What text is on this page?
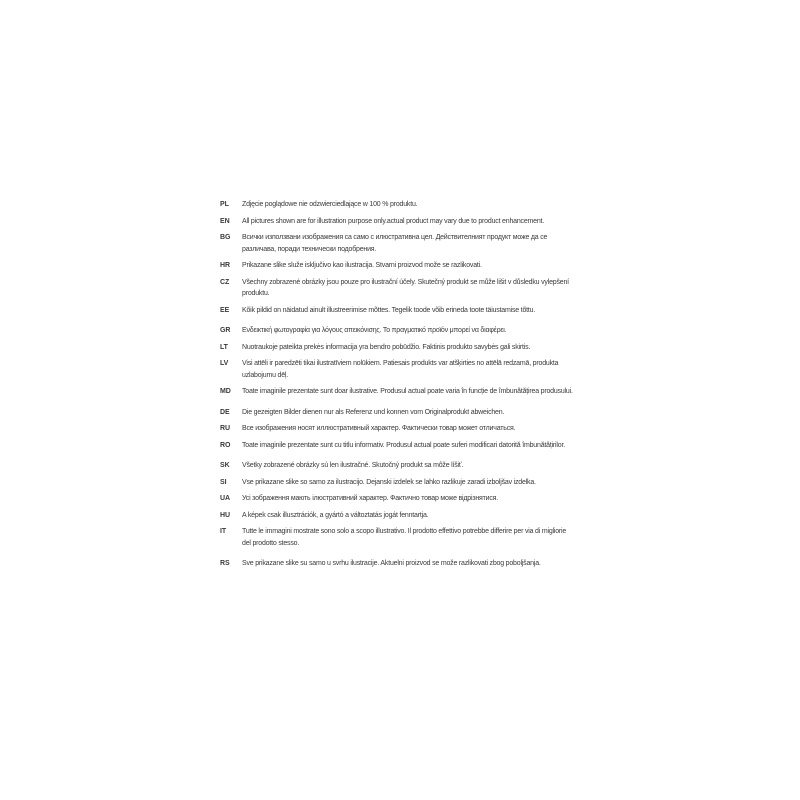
PL	Zdjęcie poglądowe nie odzwierciedlające w 100 % produktu.
EN	All pictures shown are for illustration purpose only.actual product may vary due to product enhancement.
BG	Всички използвани изображения са само с илюстративна цел. Действителният продукт може да се различава, поради технически подобрения.
HR	Prikazane slike služe isključivo kao ilustracija. Stvarni proizvod može se razlikovati.
CZ	Všechny zobrazené obrázky jsou pouze pro ilustrační účely. Skutečný produkt se může lišit v důsledku vylepšení produktu.
EE	Kõik pildid on näidatud ainult illustreerimise mõttes. Tegelik toode võib erineda toote täiustamise tõttu.
GR	Ενδεικτική φωτογραφία για λόγους απεικόνισης. Το πραγματικό προϊόν μπορεί να διαφέρει.
LT	Nuotraukoje pateikta prekės informacija yra bendro pobūdžio. Faktinis produkto savybės gali skirtis.
LV	Visi attēli ir paredzēti tikai ilustratīviem nolūkiem. Patiesais produkts var atšķirties no attēlā redzamā, produkta uzlabojumu dēļ.
MD	Toate imaginile prezentate sunt doar ilustrative. Produsul actual poate varia în funcție de îmbunătățirea produsului.
DE	Die gezeigten Bilder dienen nur als Referenz und konnen vom Originalprodukt abweichen.
RU	Все изображения носят иллюстративный характер. Фактически товар может отличаться.
RO	Toate imaginile prezentate sunt cu titlu informativ. Produsul actual poate suferi modificari datorită îmbunătățirilor.
SK	Všetky zobrazené obrázky sú len ilustračné. Skutočný produkt sa môže líšiť.
SI	Vse prikazane slike so samo za ilustracijo. Dejanski izdelek se lahko razlikuje zaradi izboljšav izdelka.
UA	Усі зображення мають ілюстративний характер. Фактично товар може відрізнятися.
HU	A képek csak illusztrációk, a gyártó a változtatás jogát fenntartja.
IT	Tutte le immagini mostrate sono solo a scopo illustrativo. Il prodotto effettivo potrebbe differire per via di migliorie del prodotto stesso.
RS	Sve prikazane slike su samo u svrhu ilustracije. Aktuelni proizvod se može razlikovati zbog poboljšanja.
